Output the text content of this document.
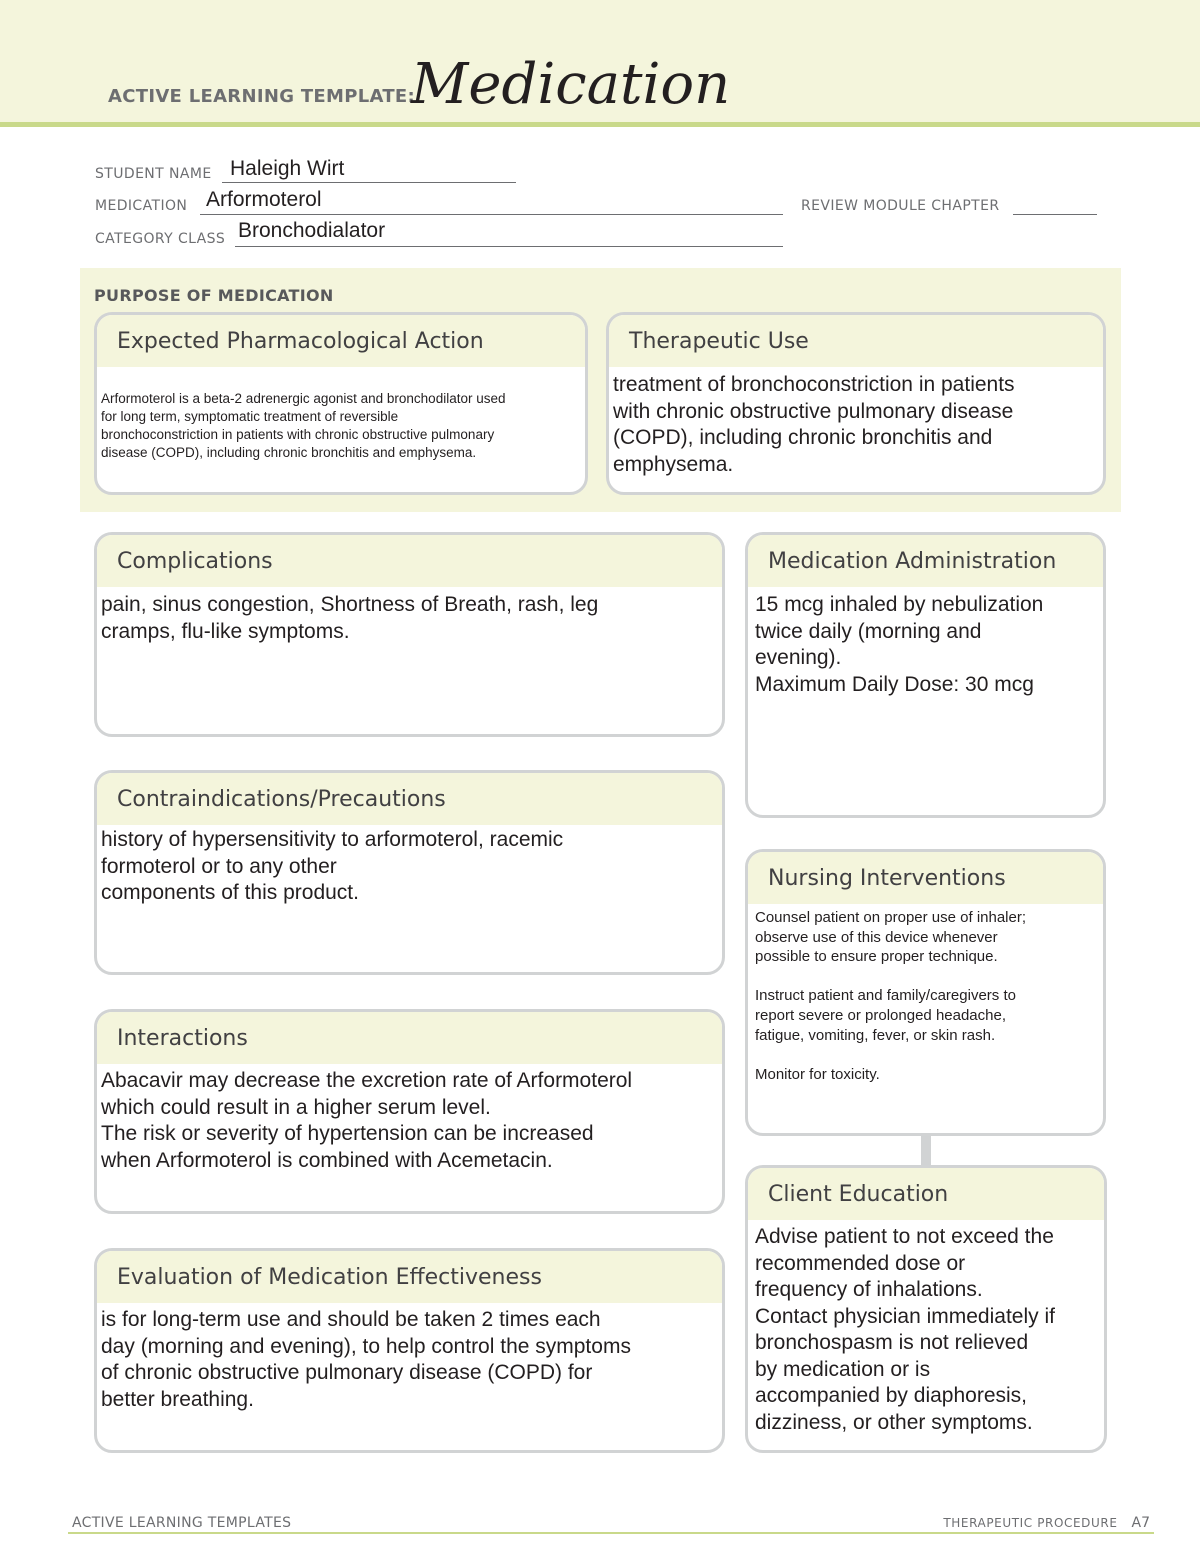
ACTIVE LEARNING TEMPLATE:
Medication
STUDENT NAME Haleigh Wirt
MEDICATION Arformoterol	REVIEW MODULE CHAPTER
CATEGORY CLASS Bronchodialator
PURPOSE OF MEDICATION
Expected Pharmacological Action
Arformoterol is a beta-2 adrenergic agonist and bronchodilator used
for long term, symptomatic treatment of reversible
bronchoconstriction in patients with chronic obstructive pulmonary
disease (COPD), including chronic bronchitis and emphysema.
Therapeutic Use
treatment of bronchoconstriction in patients
with chronic obstructive pulmonary disease
(COPD), including chronic bronchitis and
emphysema.
Complications
pain, sinus congestion, Shortness of Breath, rash, leg
cramps, flu-like symptoms.
Medication Administration
15 mcg inhaled by nebulization
twice daily (morning and
evening).
Maximum Daily Dose: 30 mcg
Contraindications/Precautions
history of hypersensitivity to arformoterol, racemic
formoterol or to any other
components of this product.
Nursing Interventions
Counsel patient on proper use of inhaler;
observe use of this device whenever
possible to ensure proper technique.

Instruct patient and family/caregivers to
report severe or prolonged headache,
fatigue, vomiting, fever, or skin rash.

Monitor for toxicity.
Interactions
Abacavir may decrease the excretion rate of Arformoterol
which could result in a higher serum level.
The risk or severity of hypertension can be increased
when Arformoterol is combined with Acemetacin.
Client Education
Advise patient to not exceed the
recommended dose or
frequency of inhalations.
Contact physician immediately if
bronchospasm is not relieved
by medication or is
accompanied by diaphoresis,
dizziness, or other symptoms.
Evaluation of Medication Effectiveness
is for long-term use and should be taken 2 times each
day (morning and evening), to help control the symptoms
of chronic obstructive pulmonary disease (COPD) for
better breathing.
ACTIVE LEARNING TEMPLATES	THERAPEUTIC PROCEDURE A7
